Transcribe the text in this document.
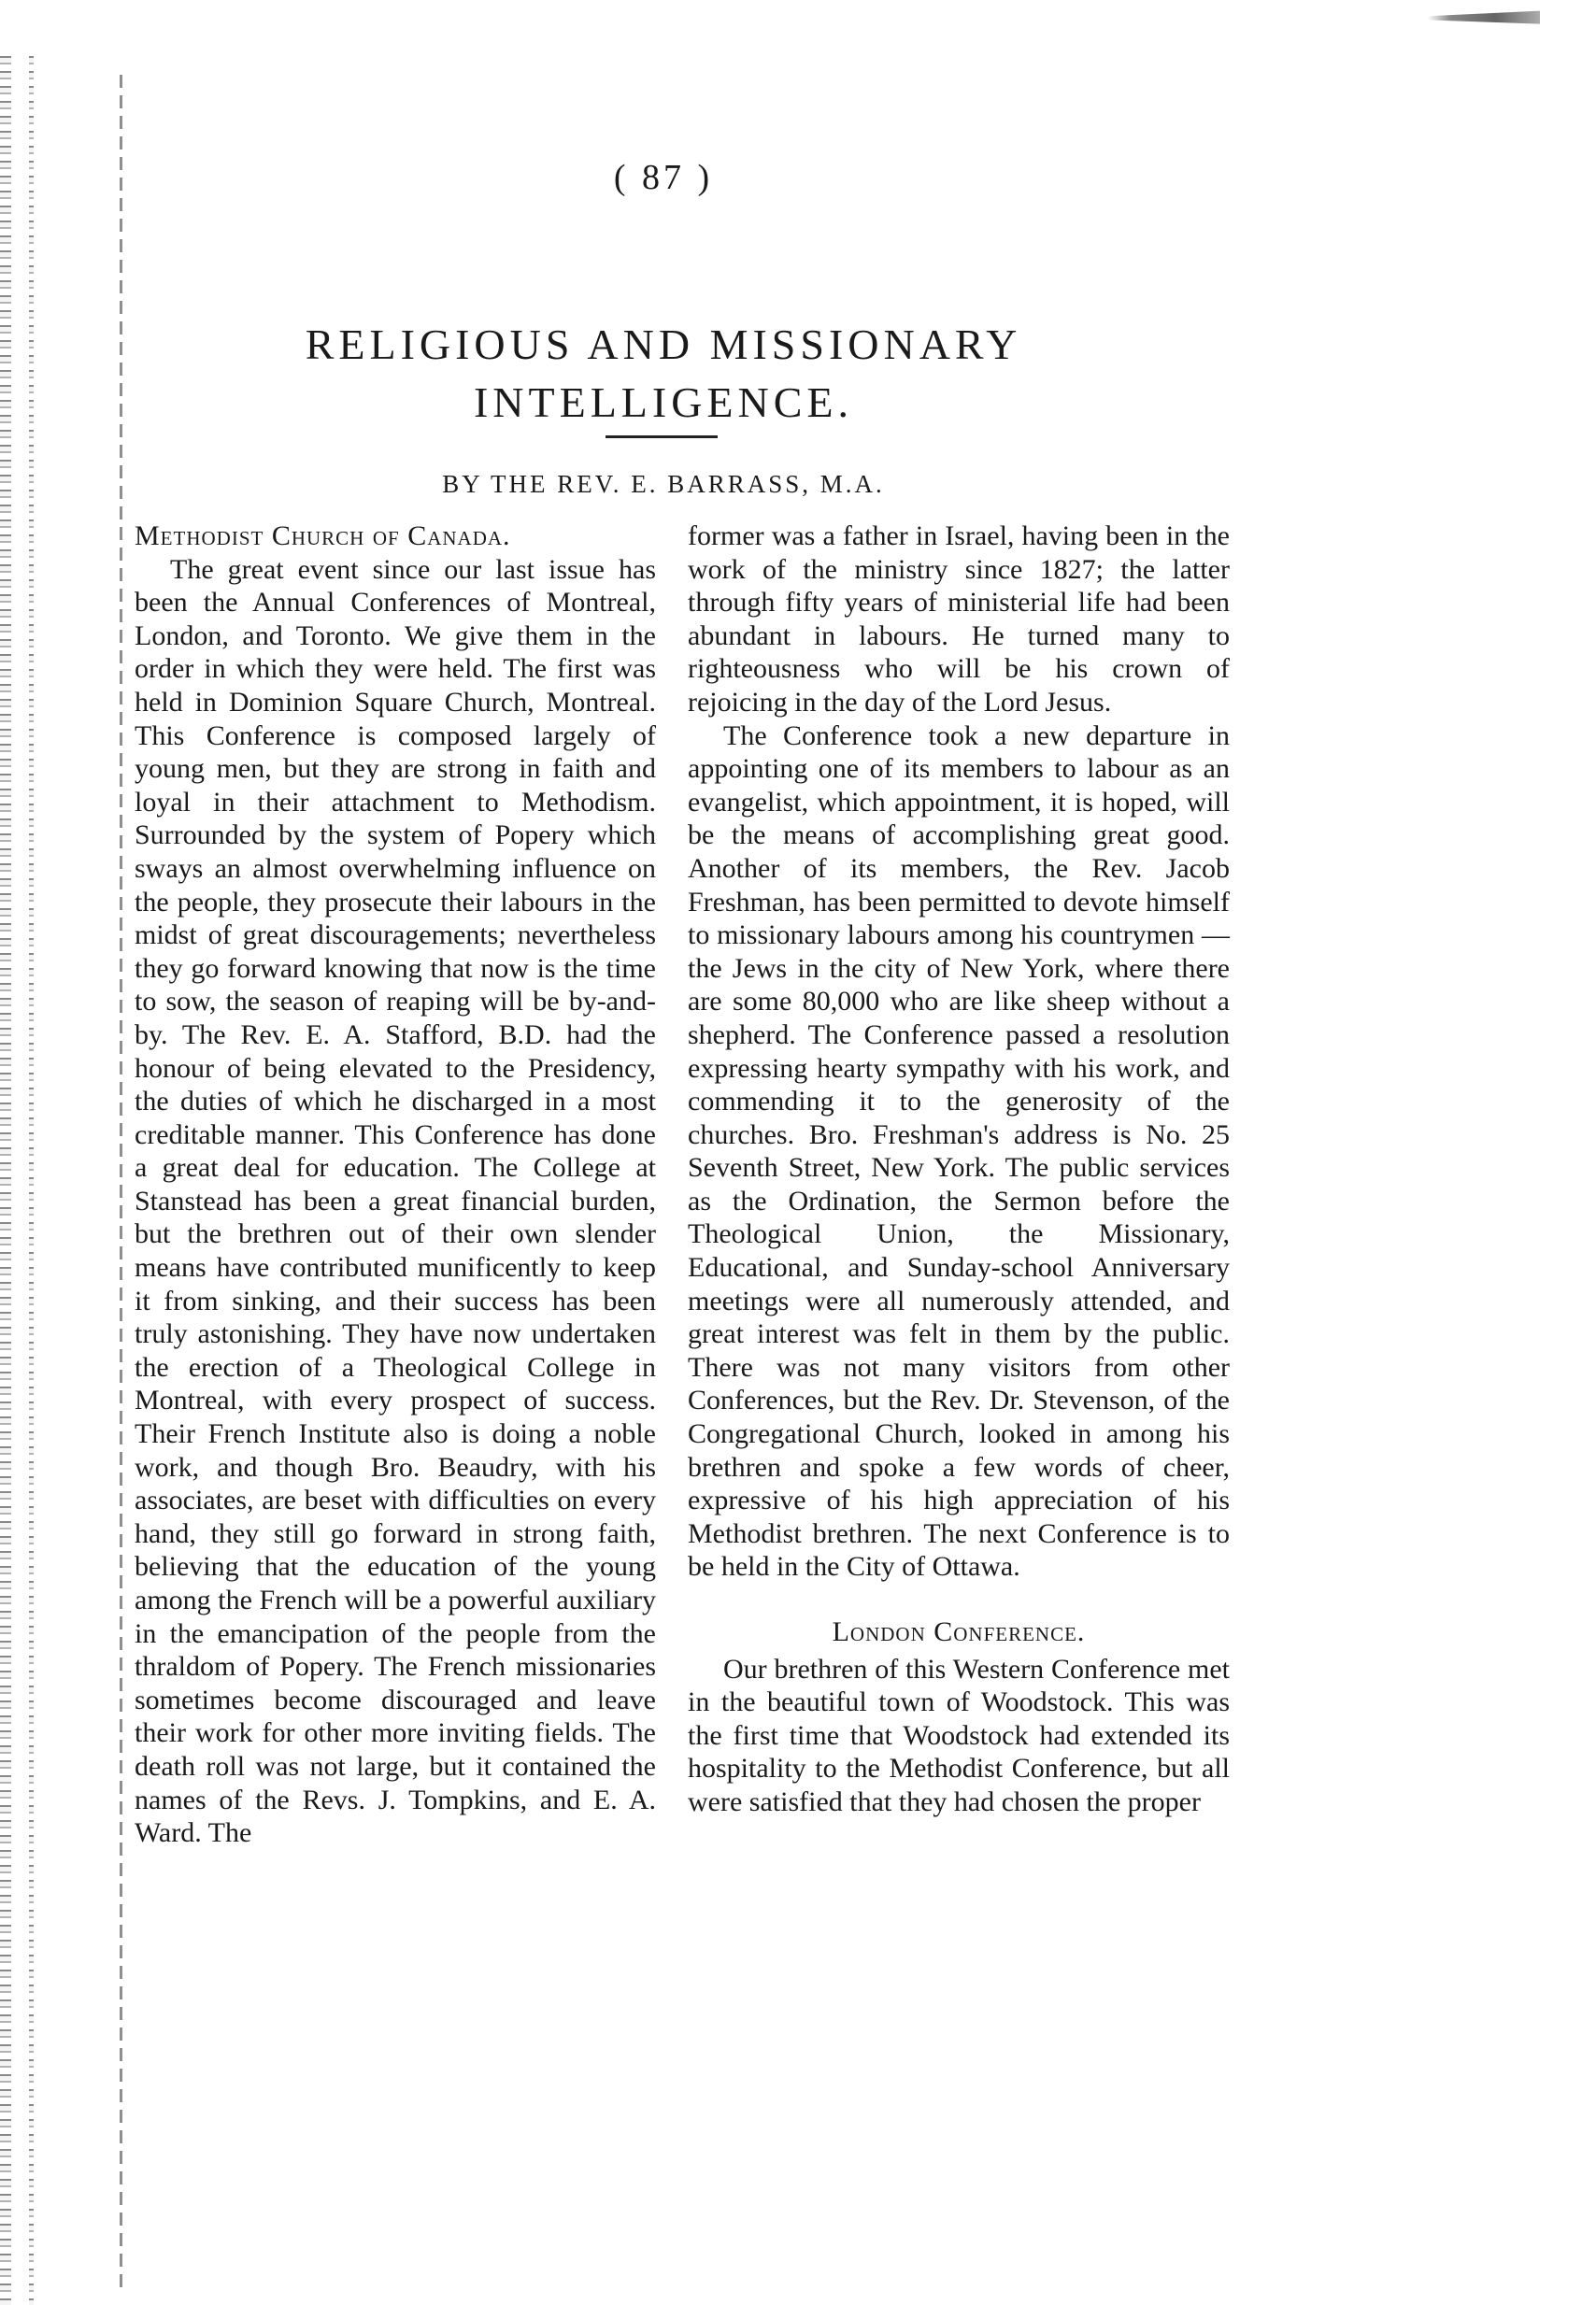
( 87 )
RELIGIOUS AND MISSIONARY INTELLIGENCE.
BY THE REV. E. BARRASS, M.A.

Methodist Church of Canada.

The great event since our last issue has been the Annual Conferences of Montreal, London, and Toronto. We give them in the order in which they were held. The first was held in Dominion Square Church, Montreal. This Conference is composed largely of young men, but they are strong in faith and loyal in their attachment to Methodism. Surrounded by the system of Popery which sways an almost overwhelming influence on the people, they prosecute their labours in the midst of great discouragements; nevertheless they go forward knowing that now is the time to sow, the season of reaping will be by-and-by. The Rev. E. A. Stafford, B.D. had the honour of being elevated to the Presidency, the duties of which he discharged in a most creditable manner. This Conference has done a great deal for education. The College at Stanstead has been a great financial burden, but the brethren out of their own slender means have contributed munificently to keep it from sinking, and their success has been truly astonishing. They have now undertaken the erection of a Theological College in Montreal, with every prospect of success. Their French Institute also is doing a noble work, and though Bro. Beaudry, with his associates, are beset with difficulties on every hand, they still go forward in strong faith, believing that the education of the young among the French will be a powerful auxiliary in the emancipation of the people from the thraldom of Popery. The French missionaries sometimes become discouraged and leave their work for other more inviting fields. The death roll was not large, but it contained the names of the Revs. J. Tompkins, and E. A. Ward. The

former was a father in Israel, having been in the work of the ministry since 1827; the latter through fifty years of ministerial life had been abundant in labours. He turned many to righteousness who will be his crown of rejoicing in the day of the Lord Jesus.

The Conference took a new departure in appointing one of its members to labour as an evangelist, which appointment, it is hoped, will be the means of accomplishing great good. Another of its members, the Rev. Jacob Freshman, has been permitted to devote himself to missionary labours among his countrymen —the Jews in the city of New York, where there are some 80,000 who are like sheep without a shepherd. The Conference passed a resolution expressing hearty sympathy with his work, and commending it to the generosity of the churches. Bro. Freshman's address is No. 25 Seventh Street, New York. The public services as the Ordination, the Sermon before the Theological Union, the Missionary, Educational, and Sunday-school Anniversary meetings were all numerously attended, and great interest was felt in them by the public. There was not many visitors from other Conferences, but the Rev. Dr. Stevenson, of the Congregational Church, looked in among his brethren and spoke a few words of cheer, expressive of his high appreciation of his Methodist brethren. The next Conference is to be held in the City of Ottawa.

London Conference.

Our brethren of this Western Conference met in the beautiful town of Woodstock. This was the first time that Woodstock had extended its hospitality to the Methodist Conference, but all were satisfied that they had chosen the proper
